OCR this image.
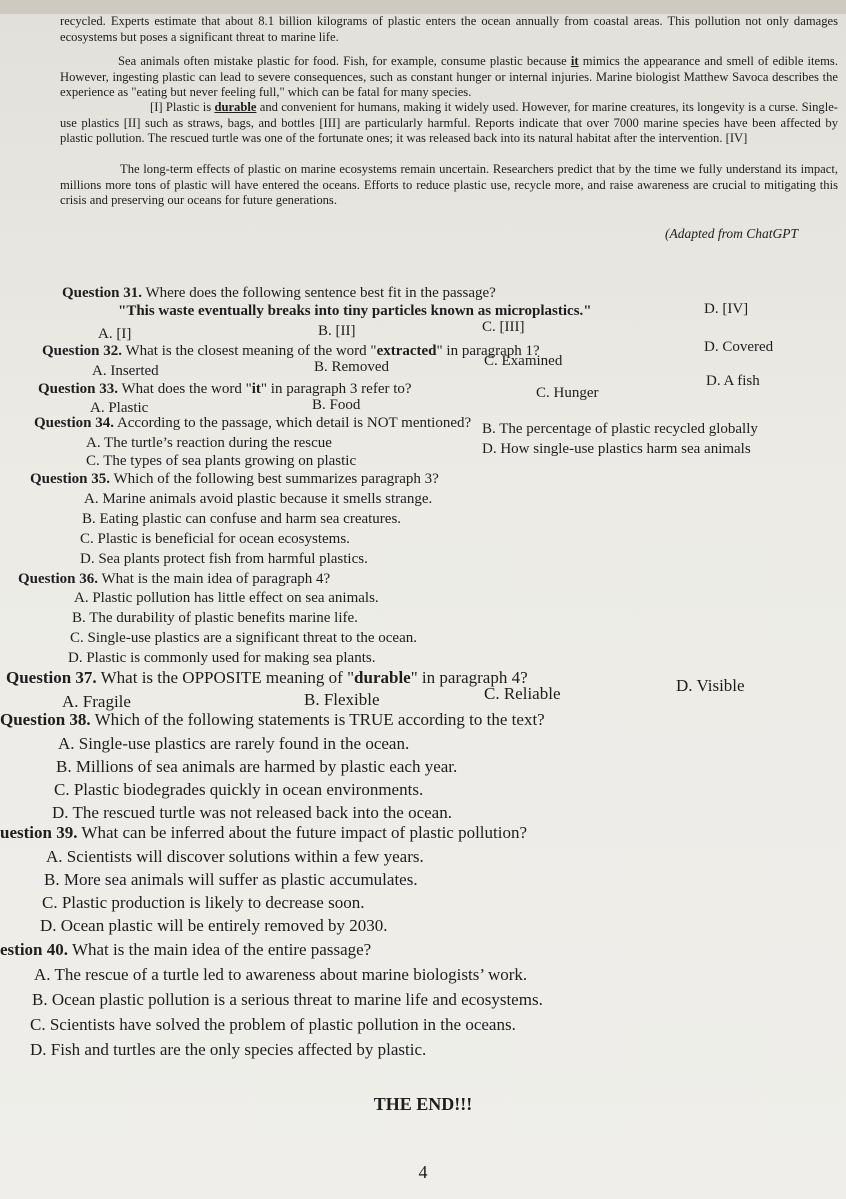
recycled. Experts estimate that about 8.1 billion kilograms of plastic enters the ocean annually from coastal areas. This pollution not only damages ecosystems but poses a significant threat to marine life.
Sea animals often mistake plastic for food. Fish, for example, consume plastic because it mimics the appearance and smell of edible items. However, ingesting plastic can lead to severe consequences, such as constant hunger or internal injuries. Marine biologist Matthew Savoca describes the experience as "eating but never feeling full," which can be fatal for many species.
[I] Plastic is durable and convenient for humans, making it widely used. However, for marine creatures, its longevity is a curse. Single-use plastics [II] such as straws, bags, and bottles [III] are particularly harmful. Reports indicate that over 7000 marine species have been affected by plastic pollution. The rescued turtle was one of the fortunate ones; it was released back into its natural habitat after the intervention. [IV]
The long-term effects of plastic on marine ecosystems remain uncertain. Researchers predict that by the time we fully understand its impact, millions more tons of plastic will have entered the oceans. Efforts to reduce plastic use, recycle more, and raise awareness are crucial to mitigating this crisis and preserving our oceans for future generations.
(Adapted from ChatGPT
Question 31. Where does the following sentence best fit in the passage?
"This waste eventually breaks into tiny particles known as microplastics."
A. [I]	B. [II]	C. [III]
D. [IV]
Question 32. What is the closest meaning of the word "extracted" in paragraph 1?
A. Inserted	B. Removed	C. Examined
D. Covered
Question 33. What does the word "it" in paragraph 3 refer to?
A. Plastic	B. Food
C. Hunger
D. A fish
Question 34. According to the passage, which detail is NOT mentioned?
A. The turtle’s reaction during the rescue
B. The percentage of plastic recycled globally
C. The types of sea plants growing on plastic
D. How single-use plastics harm sea animals
Question 35. Which of the following best summarizes paragraph 3?
A. Marine animals avoid plastic because it smells strange.
B. Eating plastic can confuse and harm sea creatures.
C. Plastic is beneficial for ocean ecosystems.
D. Sea plants protect fish from harmful plastics.
Question 36. What is the main idea of paragraph 4?
A. Plastic pollution has little effect on sea animals.
B. The durability of plastic benefits marine life.
C. Single-use plastics are a significant threat to the ocean.
D. Plastic is commonly used for making sea plants.
Question 37. What is the OPPOSITE meaning of "durable" in paragraph 4?
A. Fragile	B. Flexible	C. Reliable	D. Visible
Question 38. Which of the following statements is TRUE according to the text?
A. Single-use plastics are rarely found in the ocean.
B. Millions of sea animals are harmed by plastic each year.
C. Plastic biodegrades quickly in ocean environments.
D. The rescued turtle was not released back into the ocean.
uestion 39. What can be inferred about the future impact of plastic pollution?
A. Scientists will discover solutions within a few years.
B. More sea animals will suffer as plastic accumulates.
C. Plastic production is likely to decrease soon.
D. Ocean plastic will be entirely removed by 2030.
estion 40. What is the main idea of the entire passage?
A. The rescue of a turtle led to awareness about marine biologists’ work.
B. Ocean plastic pollution is a serious threat to marine life and ecosystems.
C. Scientists have solved the problem of plastic pollution in the oceans.
D. Fish and turtles are the only species affected by plastic.
THE END!!!
4
